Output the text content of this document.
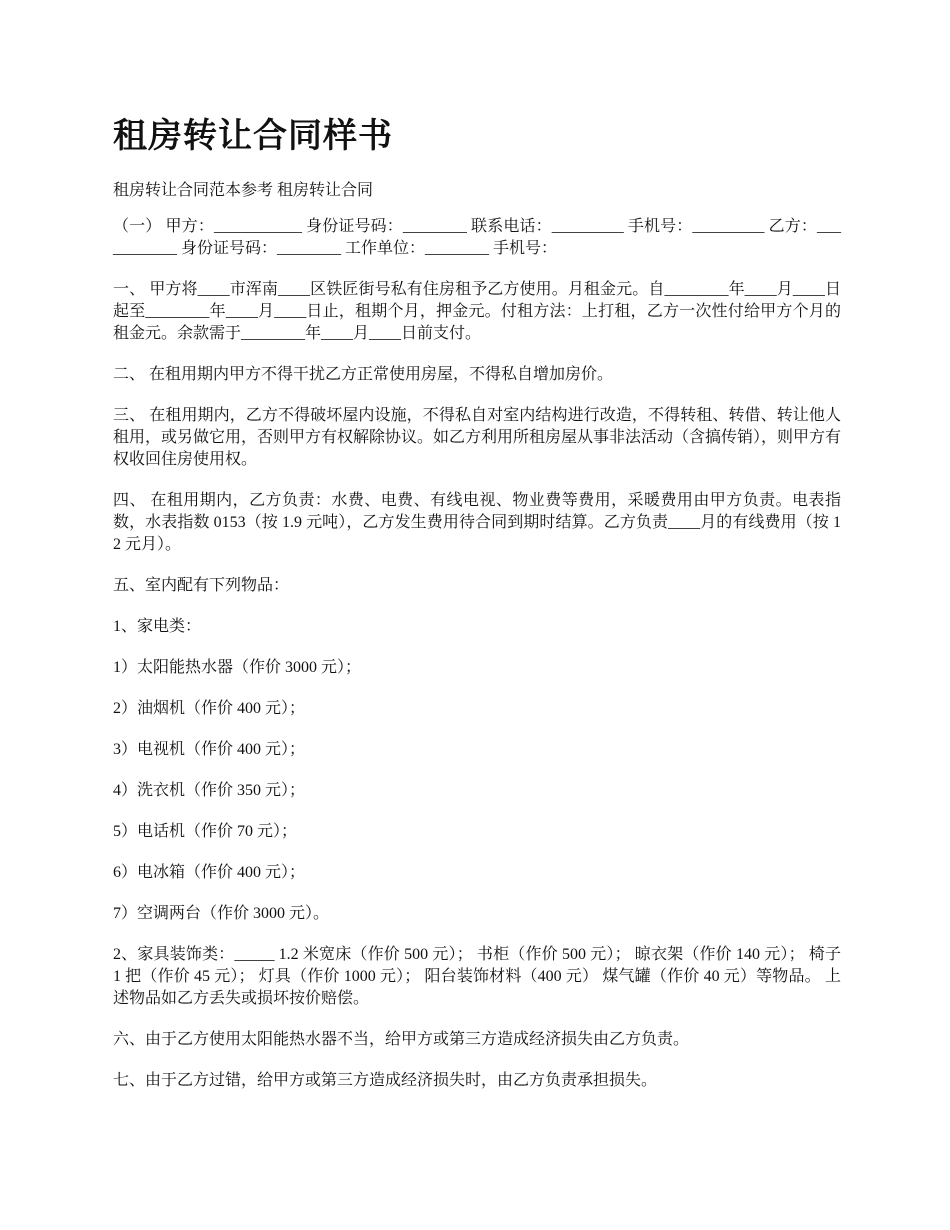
租房转让合同样书

租房转让合同范本参考 租房转让合同

（一） 甲方：___________ 身份证号码：________ 联系电话：_________ 手机号：_________ 乙方：___________ 身份证号码：________ 工作单位：________ 手机号：

一、 甲方将____市浑南____区铁匠街号私有住房租予乙方使用。月租金元。自________年____月____日起至________年____月____日止，租期个月，押金元。付租方法：上打租，乙方一次性付给甲方个月的租金元。余款需于________年____月____日前支付。

二、 在租用期内甲方不得干扰乙方正常使用房屋，不得私自增加房价。

三、 在租用期内，乙方不得破坏屋内设施，不得私自对室内结构进行改造，不得转租、转借、转让他人租用，或另做它用，否则甲方有权解除协议。如乙方利用所租房屋从事非法活动（含搞传销），则甲方有权收回住房使用权。

四、 在租用期内，乙方负责：水费、电费、有线电视、物业费等费用，采暖费用由甲方负责。电表指数，水表指数 0153（按 1.9 元吨），乙方发生费用待合同到期时结算。乙方负责____月的有线费用（按 12 元月）。

五、室内配有下列物品：

1、家电类：

1）太阳能热水器（作价 3000 元）；

2）油烟机（作价 400 元）；

3）电视机（作价 400 元）；

4）洗衣机（作价 350 元）；

5）电话机（作价 70 元）；

6）电冰箱（作价 400 元）；

7）空调两台（作价 3000 元）。

2、家具装饰类：_____ 1.2 米宽床（作价 500 元）； 书柜（作价 500 元）； 晾衣架（作价 140 元）； 椅子 1 把（作价 45 元）； 灯具（作价 1000 元）； 阳台装饰材料（400 元） 煤气罐（作价 40 元）等物品。 上述物品如乙方丢失或损坏按价赔偿。

六、由于乙方使用太阳能热水器不当，给甲方或第三方造成经济损失由乙方负责。

七、由于乙方过错，给甲方或第三方造成经济损失时，由乙方负责承担损失。
